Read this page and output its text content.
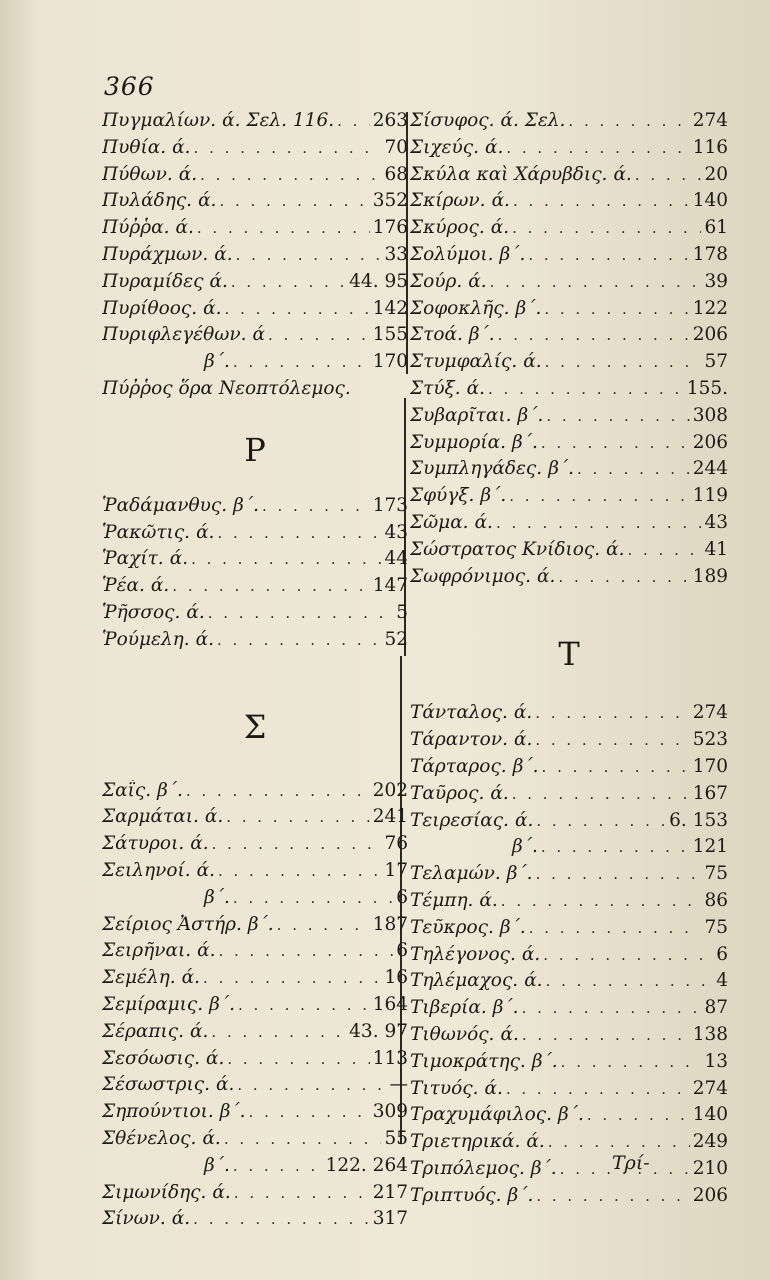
366
Πυγμαλίων. ά. Σελ. 116. . . . 263
Πυθία. ά. . . .	70
Πύθων. ά. . . .	68
Πυλάδης. ά. . . .	352
Πύῤῥα. ά. . . .	176
Πυράχμων. ά. . . .	33
Πυραμίδες ά. . . .	44. 95
Πυρίθοος. ά. . . .	142
Πυριφλεγέθων. ά . . .	155
β΄. . . .	170
Πύῤῥος ὅρα Νεοπτόλεμος.
Ρ
Ῥαδάμανθυς. β΄. . . .	173
Ῥακῶτις. ά. . . .	43
Ῥαχίτ. ά. . . .	44
Ῥέα. ά. . . .	147
Ῥῆσσος. ά. . . .	5
Ῥούμελη. ά. . . .	52
Σ
Σαΐς. β΄. . . .	202
Σαρμάται. ά. . . .	241
Σάτυροι. ά. . . .	76
Σειληνοί. ά. . . .	17
β΄. . . .	6
Σείριος Ἀστήρ. β΄. . . .	187
Σειρῆναι. ά. . . .	6
Σεμέλη. ά. . . .	16
Σεμίραμις. β΄. . . .	164
Σέραπις. ά. . . .	43. 97
Σεσόωσις. ά. . . .	113
Σέσωστρις. ά. . . .	—
Σηπούντιοι. β΄. . . .	309
Σθένελος. ά. . . .	55
β΄. . . .	122. 264
Σιμωνίδης. ά. . . .	217
Σίνων. ά. . . .	317
Σίσυφος. ά. Σελ. . . .	274
Σιχεύς. ά. . . .	116
Σκύλα καὶ Χάρυβδις. ά. . . .	20
Σκίρων. ά. . . .	140
Σκύρος. ά. . . .	61
Σολύμοι. β΄. . . .	178
Σούρ. ά. . . .	39
Σοφοκλῆς. β΄. . . .	122
Στοά. β΄. . . .	206
Στυμφαλίς. ά. . . .	57
Στύξ. ά. . . .	155.
Συβαρῖται. β΄. . . .	308
Συμμορία. β΄. . . .	206
Συμπληγάδες. β΄. . . .	244
Σφύγξ. β΄. . . .	119
Σῶμα. ά. . . .	43
Σώστρατος Κνίδιος. ά. . . .	41
Σωφρόνιμος. ά. . . .	189
Τ
Τάνταλος. ά. . . .	274
Τάραντον. ά. . . .	523
Τάρταρος. β΄. . . .	170
Ταῦρος. ά. . . .	167
Τειρεσίας. ά. . . .	6. 153
β΄. . . .	121
Τελαμών. β΄. . . .	75
Τέμπη. ά. . . .	86
Τεῦκρος. β΄. . . .	75
Τηλέγονος. ά. . . .	6
Τηλέμαχος. ά. . . .	4
Τιβερία. β΄. . . .	87
Τιθωνός. ά. . . .	138
Τιμοκράτης. β΄. . . .	13
Τιτυός. ά. . . .	274
Τραχυμάφιλος. β΄. . . .	140
Τριετηρικά. ά. . . .	249
Τριπόλεμος. β΄. . . .	210
Τριπτυός. β΄. . . .	206
Τρί-
